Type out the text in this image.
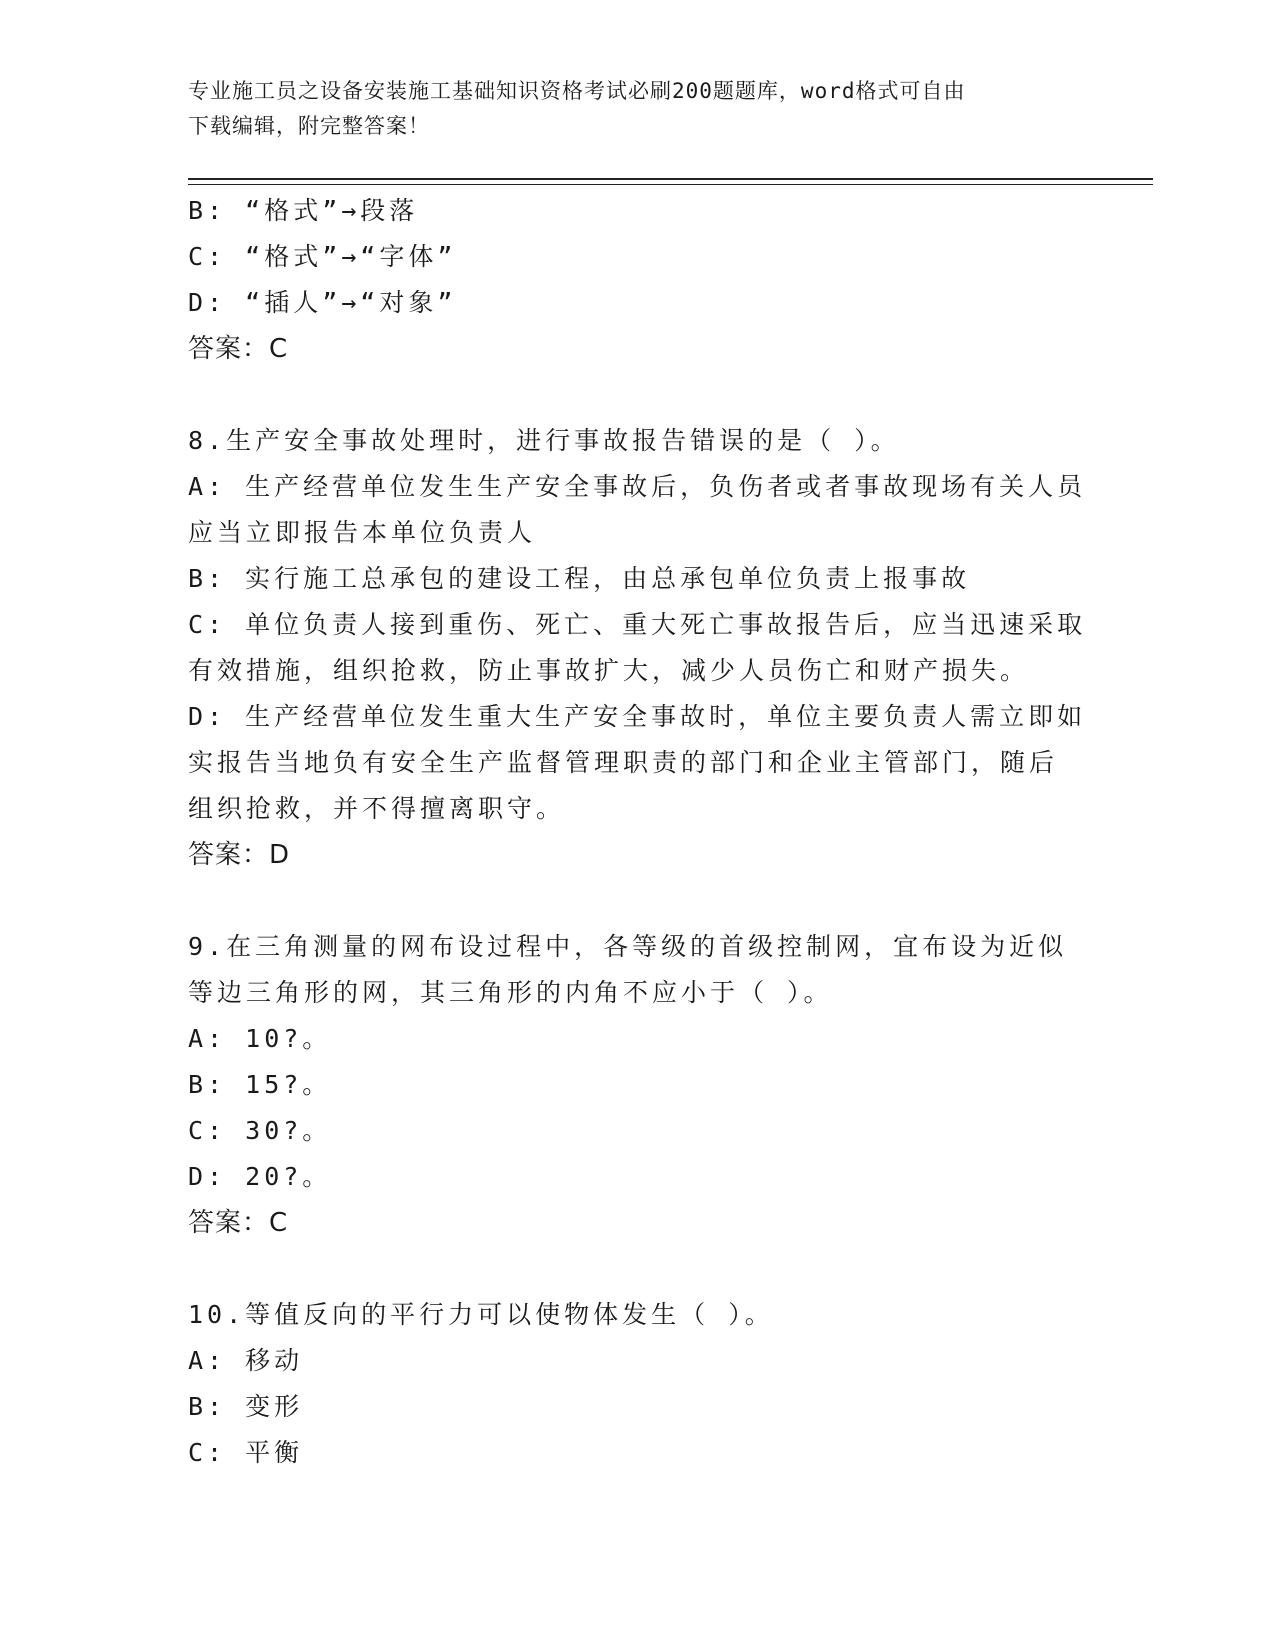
专业施工员之设备安装施工基础知识资格考试必刷200题题库，word格式可自由
下载编辑，附完整答案！
B: “格式”→段落
C: “格式”→“字体”
D: “插人”→“对象”
答案：C
8.生产安全事故处理时，进行事故报告错误的是（ ）。
A: 生产经营单位发生生产安全事故后，负伤者或者事故现场有关人员
应当立即报告本单位负责人
B: 实行施工总承包的建设工程，由总承包单位负责上报事故
C: 单位负责人接到重伤、死亡、重大死亡事故报告后，应当迅速采取
有效措施，组织抢救，防止事故扩大，减少人员伤亡和财产损失。
D: 生产经营单位发生重大生产安全事故时，单位主要负责人需立即如
实报告当地负有安全生产监督管理职责的部门和企业主管部门，随后
组织抢救，并不得擅离职守。
答案：D
9.在三角测量的网布设过程中，各等级的首级控制网，宜布设为近似
等边三角形的网，其三角形的内角不应小于（ ）。
A: 10?。
B: 15?。
C: 30?。
D: 20?。
答案：C
10.等值反向的平行力可以使物体发生（ ）。
A: 移动
B: 变形
C: 平衡
